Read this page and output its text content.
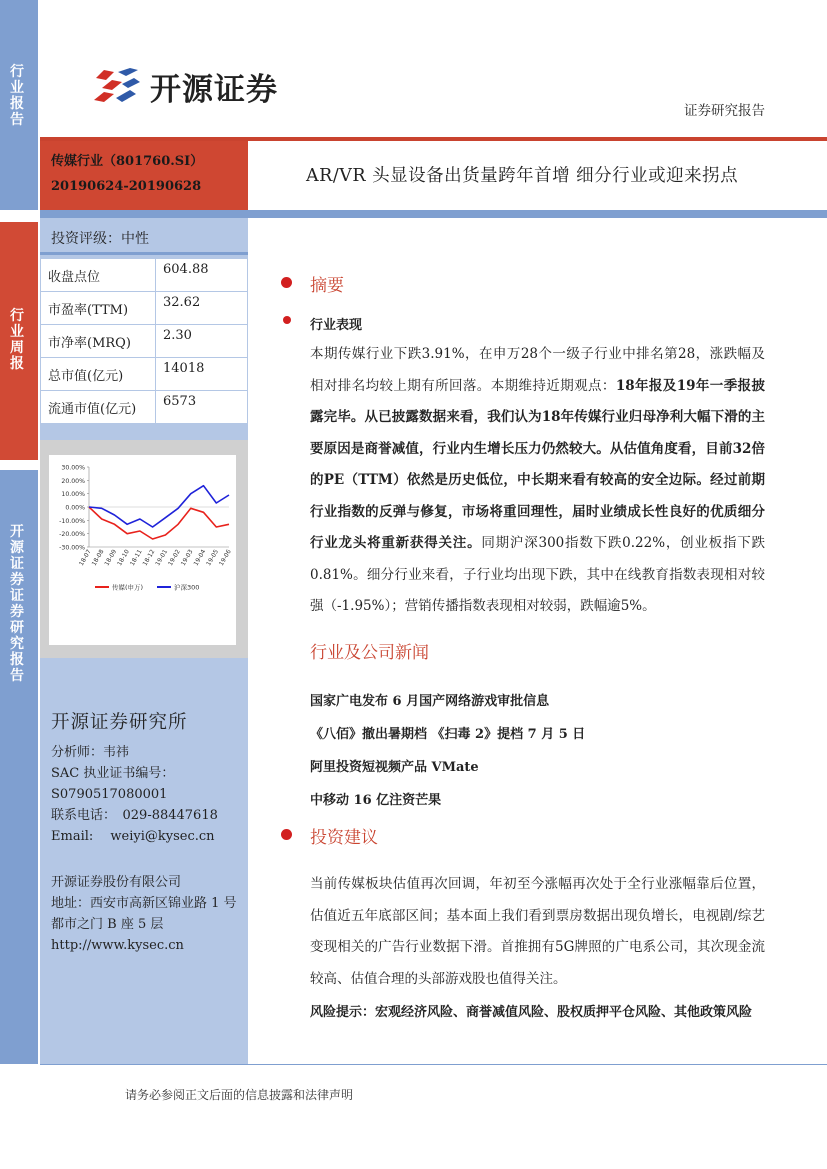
行业报告
行业周报
开源证券证券研究报告
开源证券
证券研究报告
传媒行业（801760.SI）
20190624-20190628
AR/VR 头显设备出货量跨年首增 细分行业或迎来拐点
投资评级：中性
收盘点位	604.88
市盈率(TTM)	32.62
市净率(MRQ)	2.30
总市值(亿元)	14018
流通市值(亿元)	6573
30.00%
20.00%
10.00%
0.00%
-10.00%
-20.00%
-30.00%
18-07
18-08
18-09
18-10
18-11
18-12
19-01
19-02
19-03
19-04
19-05
19-06
传媒(申万)	沪深300
开源证券研究所
分析师：韦祎
SAC 执业证书编号：
S0790517080001
联系电话：　029-88447618
Email:　 weiyi@kysec.cn
开源证券股份有限公司
地址：西安市高新区锦业路 1 号
都市之门 B 座 5 层
http://www.kysec.cn
摘要
行业表现
本期传媒行业下跌3.91%，在申万28个一级子行业中排名第28，涨跌幅及相对排名均较上期有所回落。本期维持近期观点：18年报及19年一季报披露完毕。从已披露数据来看，我们认为18年传媒行业归母净利大幅下滑的主要原因是商誉减值，行业内生增长压力仍然较大。从估值角度看，目前32倍的PE（TTM）依然是历史低位，中长期来看有较高的安全边际。经过前期行业指数的反弹与修复，市场将重回理性，届时业绩成长性良好的优质细分行业龙头将重新获得关注。同期沪深300指数下跌0.22%，创业板指下跌0.81%。细分行业来看，子行业均出现下跌，其中在线教育指数表现相对较强（-1.95%）；营销传播指数表现相对较弱，跌幅逾5%。
行业及公司新闻
国家广电发布 6 月国产网络游戏审批信息
《八佰》撤出暑期档 《扫毒 2》提档 7 月 5 日
阿里投资短视频产品 VMate
中移动 16 亿注资芒果
投资建议
当前传媒板块估值再次回调，年初至今涨幅再次处于全行业涨幅靠后位置，估值近五年底部区间；基本面上我们看到票房数据出现负增长，电视剧/综艺变现相关的广告行业数据下滑。首推拥有5G牌照的广电系公司，其次现金流较高、估值合理的头部游戏股也值得关注。
风险提示：宏观经济风险、商誉减值风险、股权质押平仓风险、其他政策风险
请务必参阅正文后面的信息披露和法律声明
